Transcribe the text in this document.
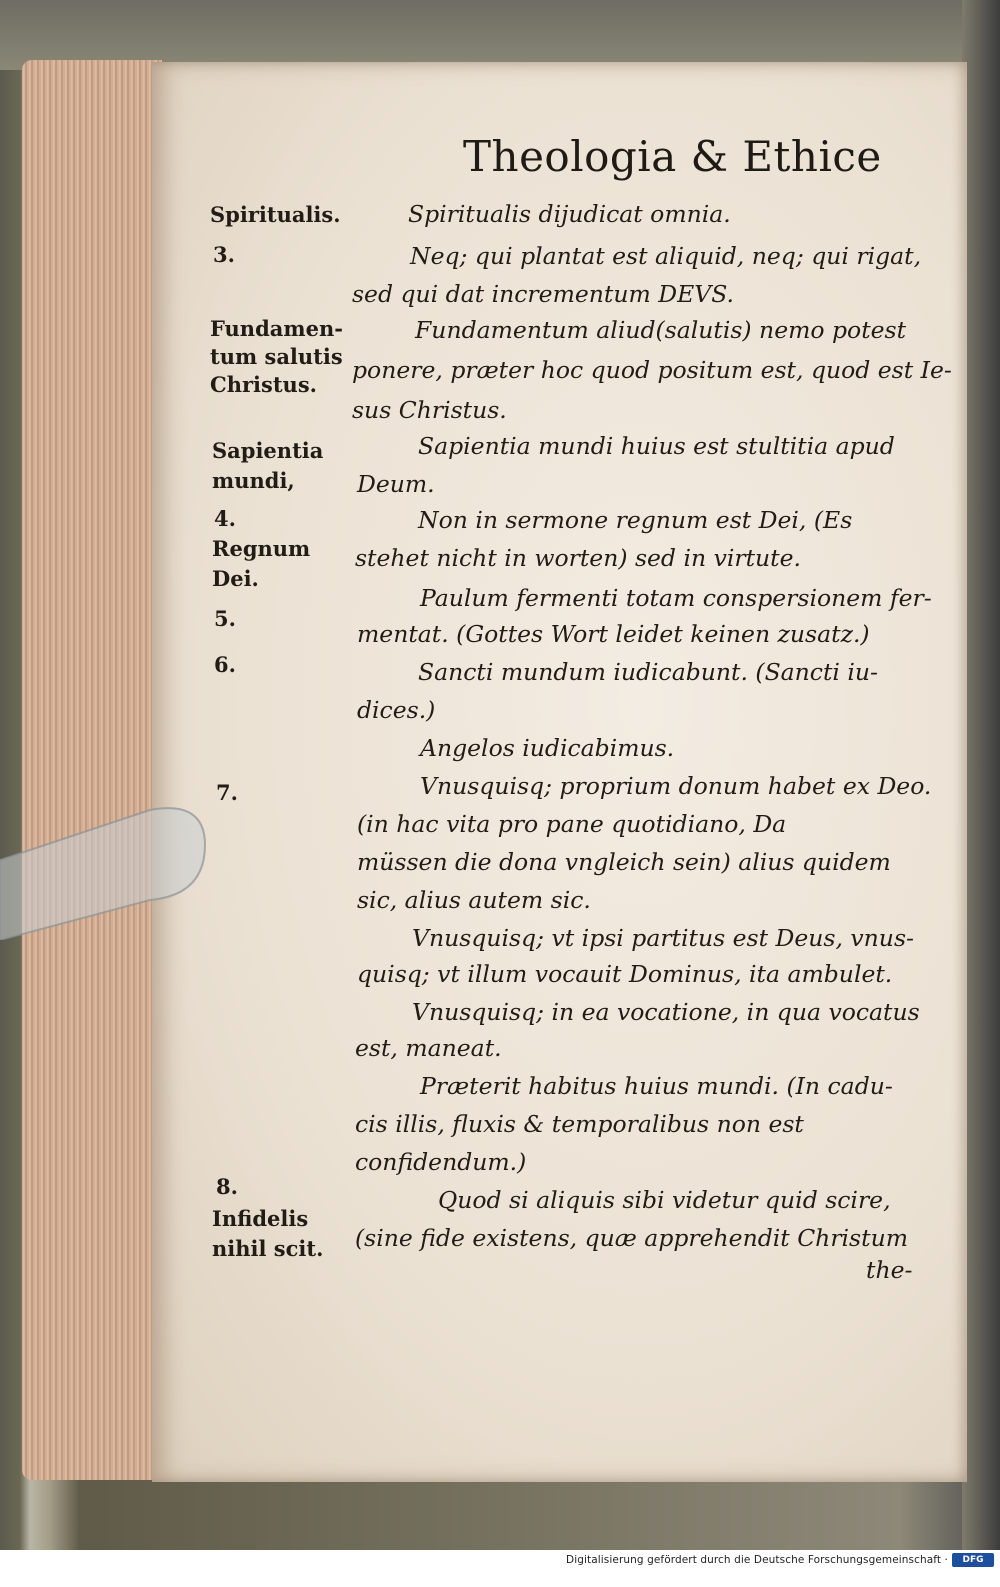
Theologia & Ethice
Spiritualis.
3.
Fundamen-
tum salutis
Christus.
Sapientia
mundi,
4.
Regnum
Dei.
5.
6.
7.
8.
Infidelis
nihil scit.
Spiritualis dijudicat omnia.
Neq; qui plantat est aliquid, neq; qui rigat,
sed qui dat incrementum DEVS.
Fundamentum aliud(salutis) nemo potest
ponere, præter hoc quod positum est, quod est Ie-
sus Christus.
Sapientia mundi huius est stultitia apud
Deum.
Non in sermone regnum est Dei, (Es
stehet nicht in worten) sed in virtute.
Paulum fermenti totam conspersionem fer-
mentat. (Gottes Wort leidet keinen zusatz.)
Sancti mundum iudicabunt. (Sancti iu-
dices.)
Angelos iudicabimus.
Vnusquisq; proprium donum habet ex Deo.
(in hac vita pro pane quotidiano, Da
müssen die dona vngleich sein) alius quidem
sic, alius autem sic.
Vnusquisq; vt ipsi partitus est Deus, vnus-
quisq; vt illum vocauit Dominus, ita ambulet.
Vnusquisq; in ea vocatione, in qua vocatus
est, maneat.
Præterit habitus huius mundi. (In cadu-
cis illis, fluxis & temporalibus non est
confidendum.)
Quod si aliquis sibi videtur quid scire,
(sine fide existens, quæ apprehendit Christum
the-
Digitalisierung gefördert durch die Deutsche Forschungsgemeinschaft ·	DFG
